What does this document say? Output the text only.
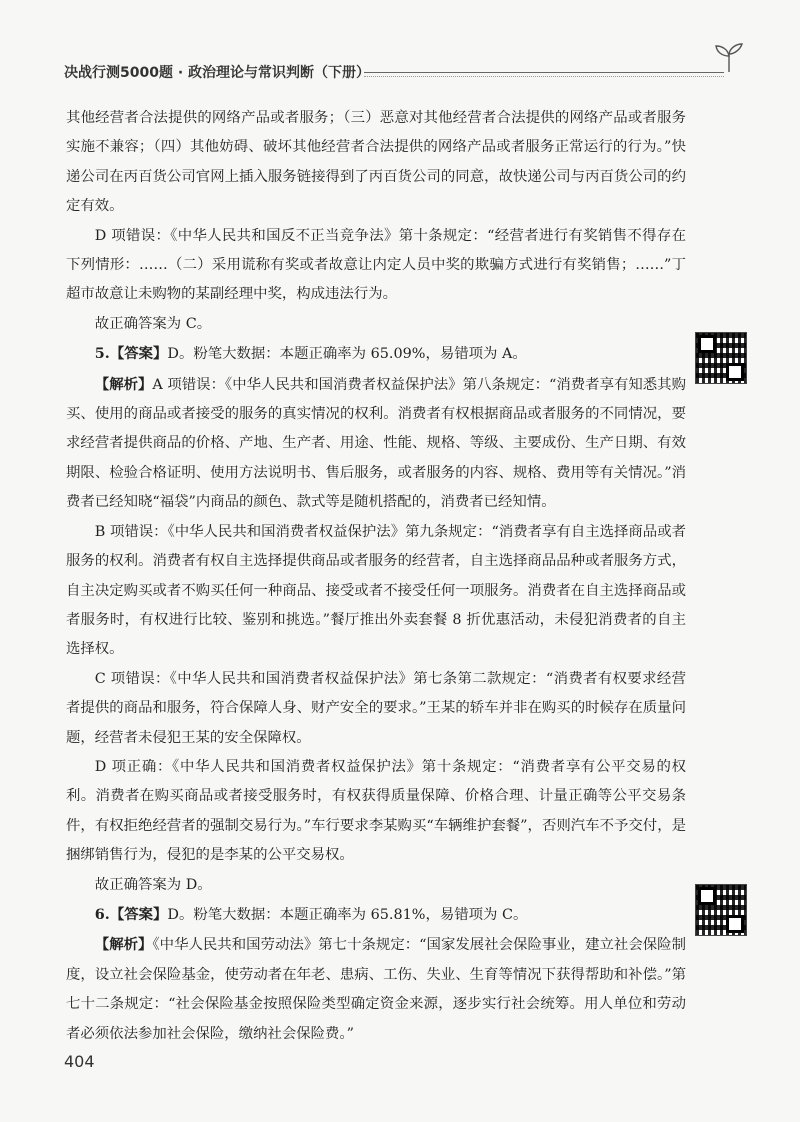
决战行测5000题 · 政治理论与常识判断（下册）

其他经营者合法提供的网络产品或者服务；（三）恶意对其他经营者合法提供的网络产品或者服务实施不兼容；（四）其他妨碍、破坏其他经营者合法提供的网络产品或者服务正常运行的行为。”快递公司在丙百货公司官网上插入服务链接得到了丙百货公司的同意，故快递公司与丙百货公司的约定有效。

D 项错误：《中华人民共和国反不正当竞争法》第十条规定：“经营者进行有奖销售不得存在下列情形：……（二）采用谎称有奖或者故意让内定人员中奖的欺骗方式进行有奖销售；……”丁超市故意让未购物的某副经理中奖，构成违法行为。

故正确答案为 C。

5.【答案】D。粉笔大数据：本题正确率为 65.09%，易错项为 A。

【解析】A 项错误：《中华人民共和国消费者权益保护法》第八条规定：“消费者享有知悉其购买、使用的商品或者接受的服务的真实情况的权利。消费者有权根据商品或者服务的不同情况，要求经营者提供商品的价格、产地、生产者、用途、性能、规格、等级、主要成份、生产日期、有效期限、检验合格证明、使用方法说明书、售后服务，或者服务的内容、规格、费用等有关情况。”消费者已经知晓“福袋”内商品的颜色、款式等是随机搭配的，消费者已经知情。

B 项错误：《中华人民共和国消费者权益保护法》第九条规定：“消费者享有自主选择商品或者服务的权利。消费者有权自主选择提供商品或者服务的经营者，自主选择商品品种或者服务方式，自主决定购买或者不购买任何一种商品、接受或者不接受任何一项服务。消费者在自主选择商品或者服务时，有权进行比较、鉴别和挑选。”餐厅推出外卖套餐 8 折优惠活动，未侵犯消费者的自主选择权。

C 项错误：《中华人民共和国消费者权益保护法》第七条第二款规定：“消费者有权要求经营者提供的商品和服务，符合保障人身、财产安全的要求。”王某的轿车并非在购买的时候存在质量问题，经营者未侵犯王某的安全保障权。

D 项正确：《中华人民共和国消费者权益保护法》第十条规定：“消费者享有公平交易的权利。消费者在购买商品或者接受服务时，有权获得质量保障、价格合理、计量正确等公平交易条件，有权拒绝经营者的强制交易行为。”车行要求李某购买“车辆维护套餐”，否则汽车不予交付，是捆绑销售行为，侵犯的是李某的公平交易权。

故正确答案为 D。

6.【答案】D。粉笔大数据：本题正确率为 65.81%，易错项为 C。

【解析】《中华人民共和国劳动法》第七十条规定：“国家发展社会保险事业，建立社会保险制度，设立社会保险基金，使劳动者在年老、患病、工伤、失业、生育等情况下获得帮助和补偿。”第七十二条规定：“社会保险基金按照保险类型确定资金来源，逐步实行社会统筹。用人单位和劳动者必须依法参加社会保险，缴纳社会保险费。”

404
